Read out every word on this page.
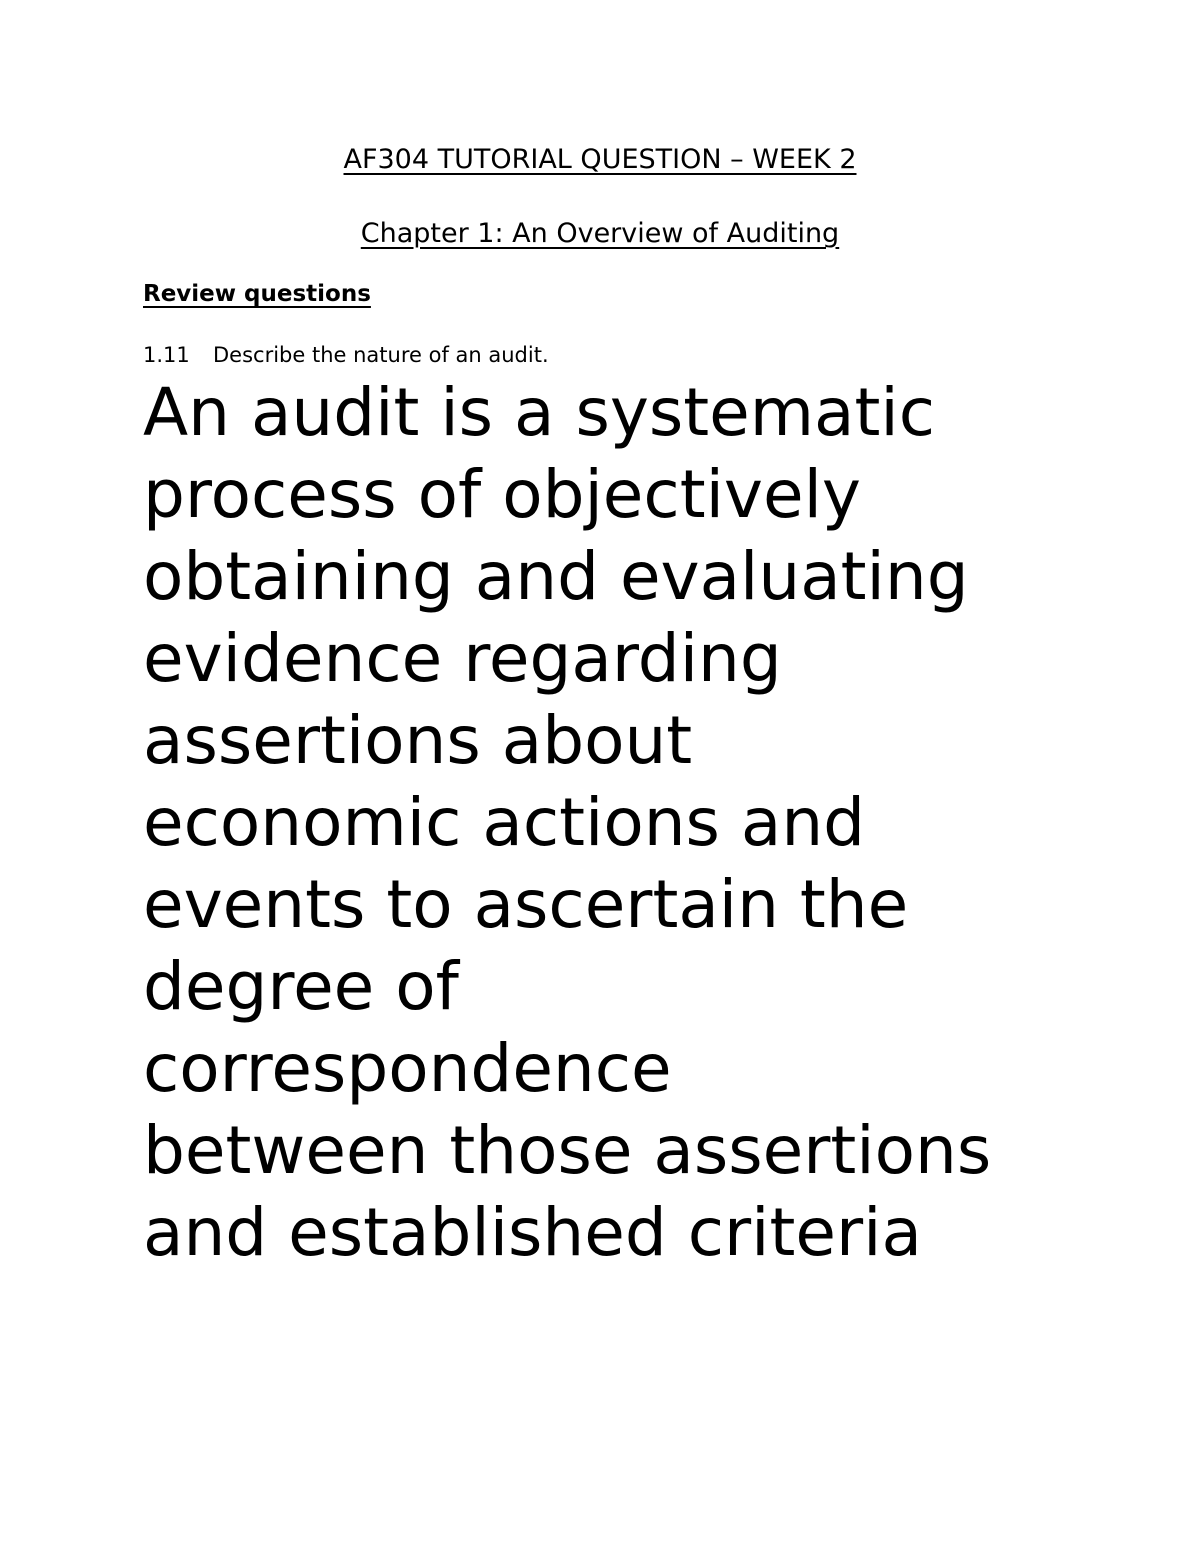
AF304 TUTORIAL QUESTION – WEEK 2
Chapter 1: An Overview of Auditing
Review questions
1.11 Describe the nature of an audit.
An audit is a systematic
process of objectively
obtaining and evaluating
evidence regarding
assertions about
economic actions and
events to ascertain the
degree of
correspondence
between those assertions
and established criteria
